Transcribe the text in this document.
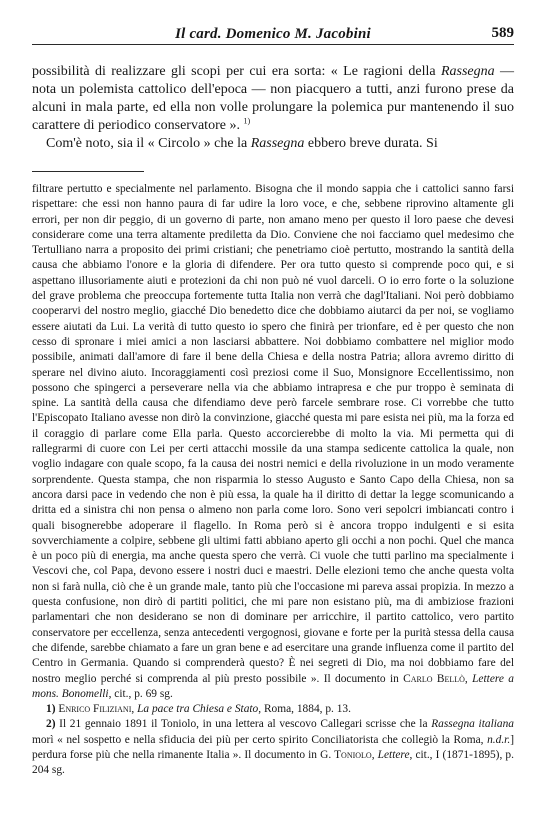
Il card. Domenico M. Jacobini	589

possibilità di realizzare gli scopi per cui era sorta: « Le ragioni della Rassegna — nota un polemista cattolico dell'epoca — non piacquero a tutti, anzi furono prese da alcuni in mala parte, ed ella non volle prolungare la polemica pur mantenendo il suo carattere di periodico conservatore ». $^{1)}$

Com'è noto, sia il « Circolo » che la Rassegna ebbero breve durata. Si

filtrare pertutto e specialmente nel parlamento. Bisogna che il mondo sappia che i cattolici sanno farsi rispettare: che essi non hanno paura di far udire la loro voce, e che, sebbene riprovino altamente gli errori, per non dir peggio, di un governo di parte, non amano meno per questo il loro paese che devesi considerare come una terra altamente prediletta da Dio. Conviene che noi facciamo quel medesimo che Tertulliano narra a proposito dei primi cristiani; che penetriamo cioè pertutto, mostrando la santità della causa che abbiamo l'onore e la gloria di difendere. Per ora tutto questo si comprende poco qui, e si aspettano illusoriamente aiuti e protezioni da chi non può né vuol darceli. O io erro forte o la soluzione del grave problema che preoccupa fortemente tutta Italia non verrà che dagl'Italiani. Noi però dobbiamo cooperarvi del nostro meglio, giacché Dio benedetto dice che dobbiamo aiutarci da per noi, se vogliamo essere aiutati da Lui. La verità di tutto questo io spero che finirà per trionfare, ed è per questo che non cesso di spronare i miei amici a non lasciarsi abbattere. Noi dobbiamo combattere nel miglior modo possibile, animati dall'amore di fare il bene della Chiesa e della nostra Patria; allora avremo diritto di sperare nel divino aiuto. Incoraggiamenti così preziosi come il Suo, Monsignore Eccellentissimo, non possono che spingerci a perseverare nella via che abbiamo intrapresa e che pur troppo è seminata di spine. La santità della causa che difendiamo deve però farcele sembrare rose. Ci vorrebbe che tutto l'Episcopato Italiano avesse non dirò la convinzione, giacché questa mi pare esista nei più, ma la forza ed il coraggio di parlare come Ella parla. Questo accorcierebbe di molto la via. Mi permetta qui di rallegrarmi di cuore con Lei per certi attacchi mossile da una stampa sedicente cattolica la quale, non voglio indagare con quale scopo, fa la causa dei nostri nemici e della rivoluzione in un modo veramente sorprendente. Questa stampa, che non risparmia lo stesso Augusto e Santo Capo della Chiesa, non sa ancora darsi pace in vedendo che non è più essa, la quale ha il diritto di dettar la legge scomunicando a dritta ed a sinistra chi non pensa o almeno non parla come loro. Sono veri sepolcri imbiancati contro i quali bisognerebbe adoperare il flagello. In Roma però si è ancora troppo indulgenti e si esita sovverchiamente a colpire, sebbene gli ultimi fatti abbiano aperto gli occhi a non pochi. Quel che manca è un poco più di energia, ma anche questa spero che verrà. Ci vuole che tutti parlino ma specialmente i Vescovi che, col Papa, devono essere i nostri duci e maestri. Delle elezioni temo che anche questa volta non si farà nulla, ciò che è un grande male, tanto più che l'occasione mi pareva assai propizia. In mezzo a questa confusione, non dirò di partiti politici, che mi pare non esistano più, ma di ambiziose frazioni parlamentari che non desiderano se non di dominare per arricchire, il partito cattolico, vero partito conservatore per eccellenza, senza antecedenti vergognosi, giovane e forte per la purità stessa della causa che difende, sarebbe chiamato a fare un gran bene e ad esercitare una grande influenza come il partito del Centro in Germania. Quando si comprenderà questo? È nei segreti di Dio, ma noi dobbiamo fare del nostro meglio perché si comprenda al più presto possibile ». Il documento in Carlo Bellò, Lettere a mons. Bonomelli, cit., p. 69 sg.

1) Enrico Filiziani, La pace tra Chiesa e Stato, Roma, 1884, p. 13.

2) Il 21 gennaio 1891 il Toniolo, in una lettera al vescovo Callegari scrisse che la Rassegna italiana morì « nel sospetto e nella sfiducia dei più per certo spirito Conciliatorista che collegiò la Roma, n.d.r.] perdura forse più che nella rimanente Italia ». Il documento in G. Toniolo, Lettere, cit., I (1871-1895), p. 204 sg.
